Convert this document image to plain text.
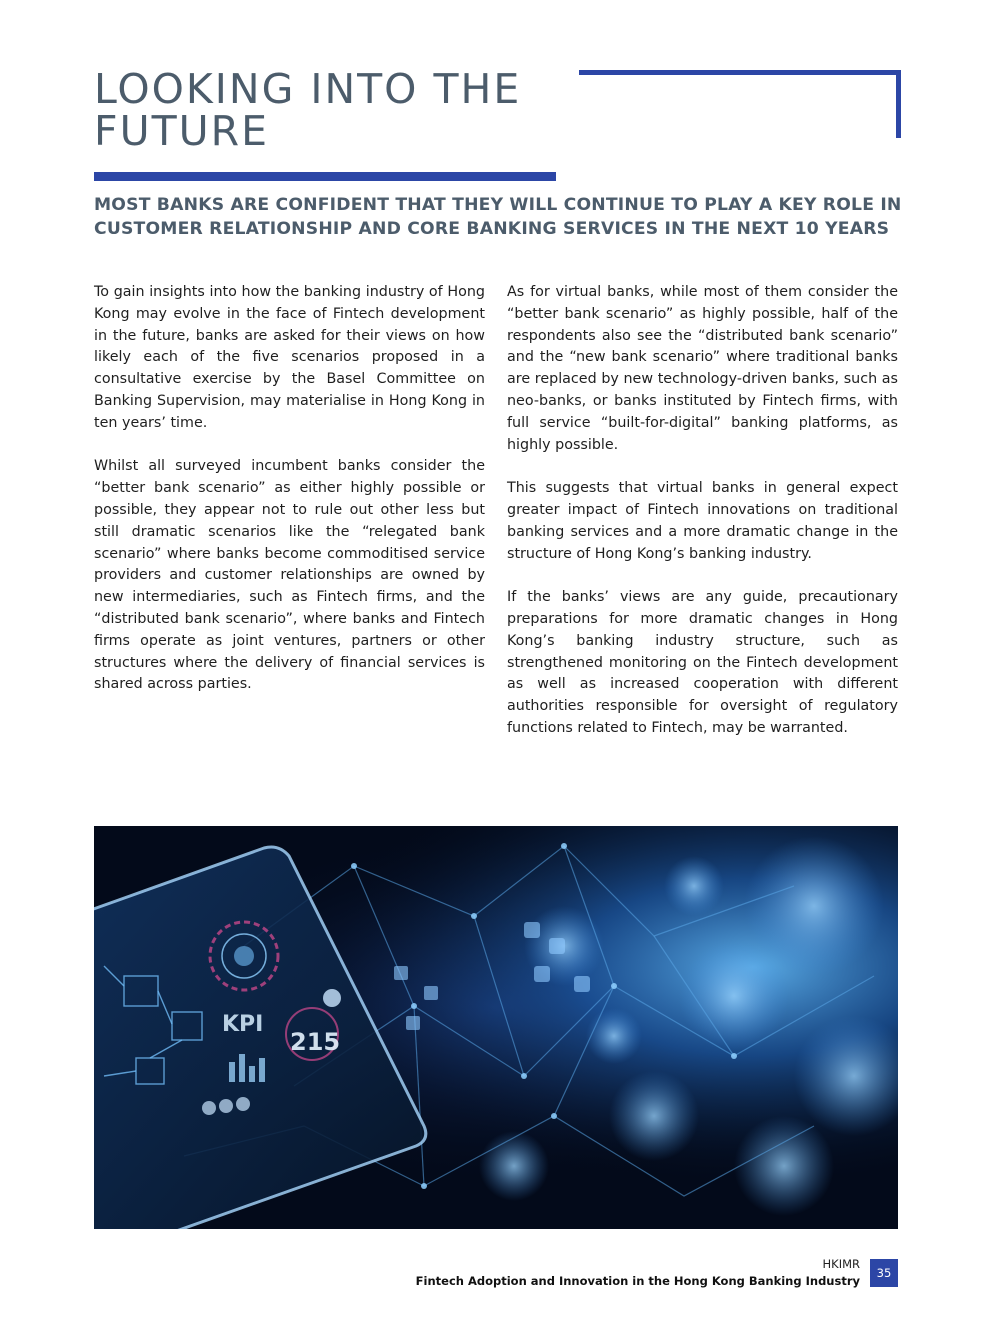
LOOKING INTO THE FUTURE
MOST BANKS ARE CONFIDENT THAT THEY WILL CONTINUE TO PLAY A KEY ROLE IN CUSTOMER RELATIONSHIP AND CORE BANKING SERVICES IN THE NEXT 10 YEARS

To gain insights into how the banking industry of Hong Kong may evolve in the face of Fintech development in the future, banks are asked for their views on how likely each of the five scenarios proposed in a consultative exercise by the Basel Committee on Banking Supervision, may materialise in Hong Kong in ten years’ time.

Whilst all surveyed incumbent banks consider the “better bank scenario” as either highly possible or possible, they appear not to rule out other less but still dramatic scenarios like the “relegated bank scenario” where banks become commoditised service providers and customer relationships are owned by new intermediaries, such as Fintech firms, and the “distributed bank scenario”, where banks and Fintech firms operate as joint ventures, partners or other structures where the delivery of financial services is shared across parties.

As for virtual banks, while most of them consider the “better bank scenario” as highly possible, half of the respondents also see the “distributed bank scenario” and the “new bank scenario” where traditional banks are replaced by new technology-driven banks, such as neo-banks, or banks instituted by Fintech firms, with full service “built-for-digital” banking platforms, as highly possible.

This suggests that virtual banks in general expect greater impact of Fintech innovations on traditional banking services and a more dramatic change in the structure of Hong Kong’s banking industry.

If the banks’ views are any guide, precautionary preparations for more dramatic changes in Hong Kong’s banking industry structure, such as strengthened monitoring on the Fintech development as well as increased cooperation with different authorities responsible for oversight of regulatory functions related to Fintech, may be warranted.

KPI
215

HKIMR

Fintech Adoption and Innovation in the Hong Kong Banking Industry

35
